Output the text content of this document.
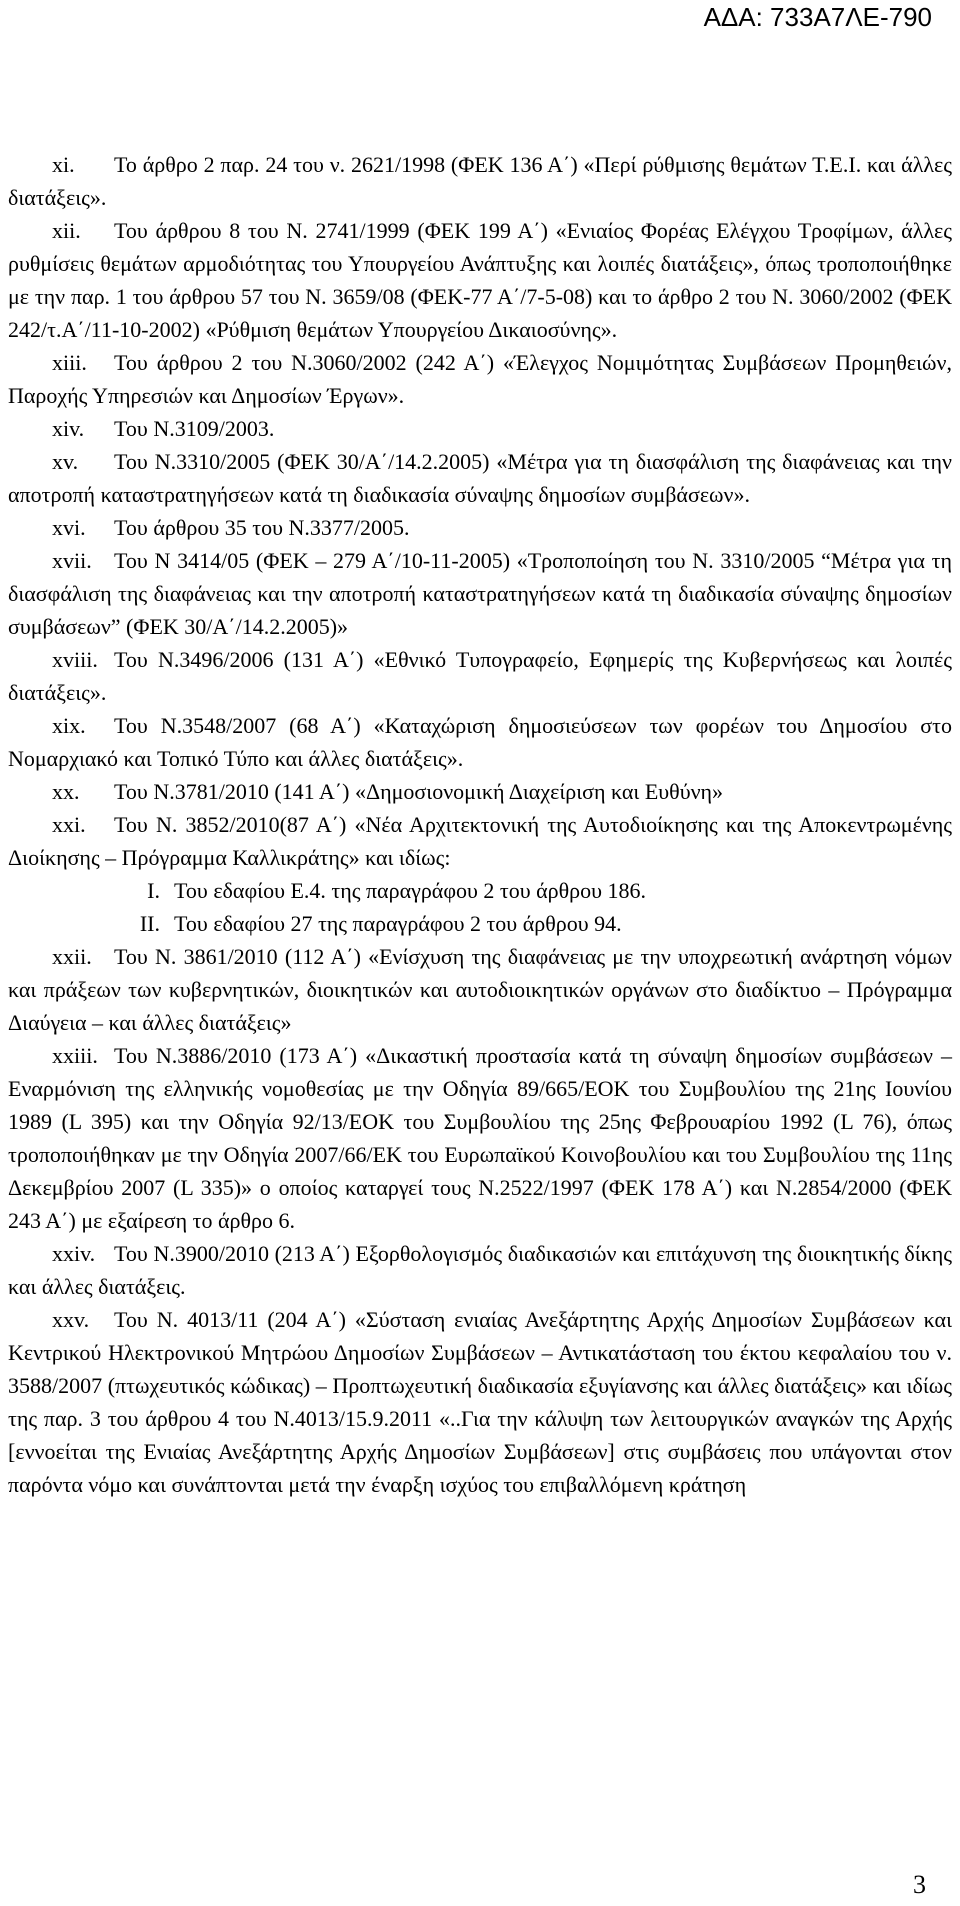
ΑΔΑ: 733Α7ΛΕ-790

xi. Το άρθρο 2 παρ. 24 του ν. 2621/1998 (ΦΕΚ 136 Α΄) «Περί ρύθμισης θεμάτων Τ.Ε.Ι. και άλλες διατάξεις».

xii. Του άρθρου 8 του Ν. 2741/1999 (ΦΕΚ 199 Α΄) «Ενιαίος Φορέας Ελέγχου Τροφίμων, άλλες ρυθμίσεις θεμάτων αρμοδιότητας του Υπουργείου Ανάπτυξης και λοιπές διατάξεις», όπως τροποποιήθηκε με την παρ. 1 του άρθρου 57 του Ν. 3659/08 (ΦΕΚ-77 Α΄/7-5-08) και το άρθρο 2 του Ν. 3060/2002 (ΦΕΚ 242/τ.Α΄/11-10-2002) «Ρύθμιση θεμάτων Υπουργείου Δικαιοσύνης».

xiii. Του άρθρου 2 του Ν.3060/2002 (242 Α΄) «Έλεγχος Νομιμότητας Συμβάσεων Προμηθειών, Παροχής Υπηρεσιών και Δημοσίων Έργων».

xiv. Του Ν.3109/2003.

xv. Του Ν.3310/2005 (ΦΕΚ 30/Α΄/14.2.2005) «Μέτρα για τη διασφάλιση της διαφάνειας και την αποτροπή καταστρατηγήσεων κατά τη διαδικασία σύναψης δημοσίων συμβάσεων».

xvi. Του άρθρου 35 του Ν.3377/2005.

xvii. Του Ν 3414/05 (ΦΕΚ – 279 Α΄/10-11-2005) «Τροποποίηση του Ν. 3310/2005 “Μέτρα για τη διασφάλιση της διαφάνειας και την αποτροπή καταστρατηγήσεων κατά τη διαδικασία σύναψης δημοσίων συμβάσεων” (ΦΕΚ 30/Α΄/14.2.2005)»

xviii. Του Ν.3496/2006 (131 Α΄) «Εθνικό Τυπογραφείο, Εφημερίς της Κυβερνήσεως και λοιπές διατάξεις».

xix. Του Ν.3548/2007 (68 Α΄) «Καταχώριση δημοσιεύσεων των φορέων του Δημοσίου στο Νομαρχιακό και Τοπικό Τύπο και άλλες διατάξεις».

xx. Του Ν.3781/2010 (141 Α΄) «Δημοσιονομική Διαχείριση και Ευθύνη»

xxi. Του Ν. 3852/2010(87 Α΄) «Νέα Αρχιτεκτονική της Αυτοδιοίκησης και της Αποκεντρωμένης Διοίκησης – Πρόγραμμα Καλλικράτης» και ιδίως:

I. Του εδαφίου Ε.4. της παραγράφου 2 του άρθρου 186.

II. Του εδαφίου 27 της παραγράφου 2 του άρθρου 94.

xxii. Του Ν. 3861/2010 (112 Α΄) «Ενίσχυση της διαφάνειας με την υποχρεωτική ανάρτηση νόμων και πράξεων των κυβερνητικών, διοικητικών και αυτοδιοικητικών οργάνων στο διαδίκτυο – Πρόγραμμα Διαύγεια – και άλλες διατάξεις»

xxiii. Του Ν.3886/2010 (173 Α΄) «Δικαστική προστασία κατά τη σύναψη δημοσίων συμβάσεων – Εναρμόνιση της ελληνικής νομοθεσίας με την Οδηγία 89/665/ΕΟΚ του Συμβουλίου της 21ης Ιουνίου 1989 (L 395) και την Οδηγία 92/13/ΕΟΚ του Συμβουλίου της 25ης Φεβρουαρίου 1992 (L 76), όπως τροποποιήθηκαν με την Οδηγία 2007/66/ΕΚ του Ευρωπαϊκού Κοινοβουλίου και του Συμβουλίου της 11ης Δεκεμβρίου 2007 (L 335)» ο οποίος καταργεί τους Ν.2522/1997 (ΦΕΚ 178 Α΄) και Ν.2854/2000 (ΦΕΚ 243 Α΄) με εξαίρεση το άρθρο 6.

xxiv. Του Ν.3900/2010 (213 Α΄) Εξορθολογισμός διαδικασιών και επιτάχυνση της διοικητικής δίκης και άλλες διατάξεις.

xxv. Του Ν. 4013/11 (204 Α΄) «Σύσταση ενιαίας Ανεξάρτητης Αρχής Δημοσίων Συμβάσεων και Κεντρικού Ηλεκτρονικού Μητρώου Δημοσίων Συμβάσεων – Αντικατάσταση του έκτου κεφαλαίου του ν. 3588/2007 (πτωχευτικός κώδικας) – Προπτωχευτική διαδικασία εξυγίανσης και άλλες διατάξεις» και ιδίως της παρ. 3 του άρθρου 4 του Ν.4013/15.9.2011 «..Για την κάλυψη των λειτουργικών αναγκών της Αρχής [εννοείται της Ενιαίας Ανεξάρτητης Αρχής Δημοσίων Συμβάσεων] στις συμβάσεις που υπάγονται στον παρόντα νόμο και συνάπτονται μετά την έναρξη ισχύος του επιβαλλόμενη κράτηση

3
